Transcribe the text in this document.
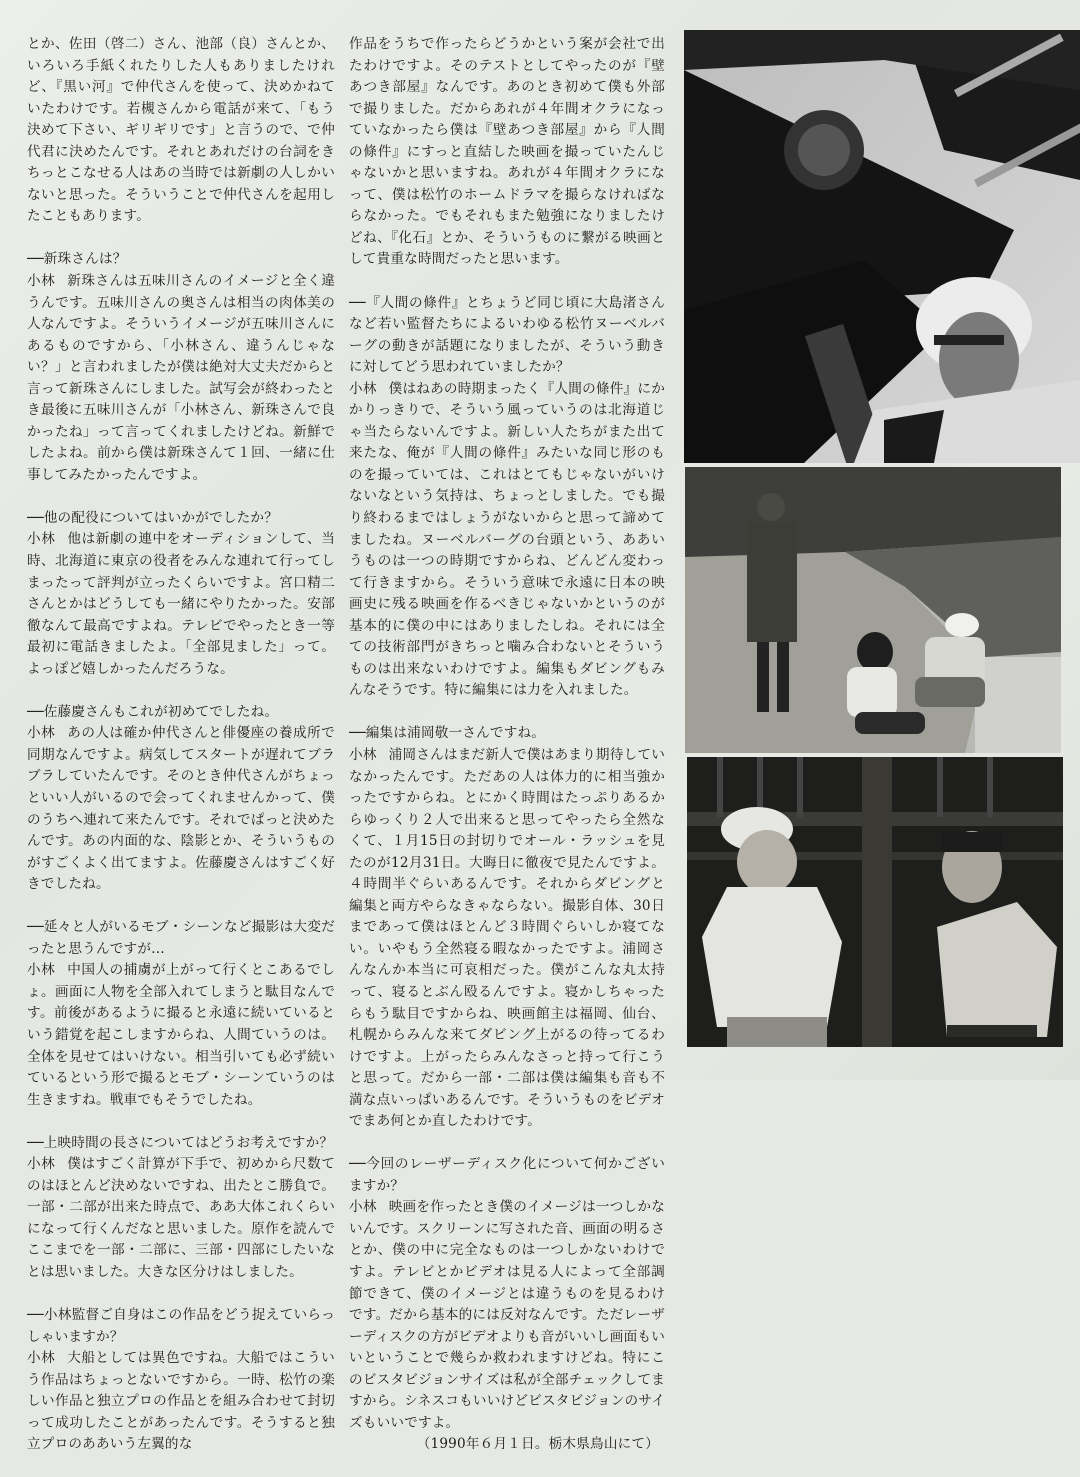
とか、佐田（啓二）さん、池部（良）さんとか、いろいろ手紙くれたりした人もありましたけれど、『黒い河』で仲代さんを使って、決めかねていたわけです。若槻さんから電話が来て、「もう決めて下さい、ギリギリです」と言うので、で仲代君に決めたんです。それとあれだけの台詞をきちっとこなせる人はあの当時では新劇の人しかいないと思った。そういうことで仲代さんを起用したこともあります。
──新珠さんは？
小林 新珠さんは五味川さんのイメージと全く違うんです。五味川さんの奥さんは相当の肉体美の人なんですよ。そういうイメージが五味川さんにあるものですから、「小林さん、違うんじゃない？」と言われましたが僕は絶対大丈夫だからと言って新珠さんにしました。試写会が終わったとき最後に五味川さんが「小林さん、新珠さんで良かったね」って言ってくれましたけどね。新鮮でしたよね。前から僕は新珠さんて１回、一緒に仕事してみたかったんですよ。
──他の配役についてはいかがでしたか？
小林 他は新劇の連中をオーディションして、当時、北海道に東京の役者をみんな連れて行ってしまったって評判が立ったくらいですよ。宮口精二さんとかはどうしても一緒にやりたかった。安部徹なんて最高ですよね。テレビでやったとき一等最初に電話きましたよ。「全部見ました」って。よっぽど嬉しかったんだろうな。
──佐藤慶さんもこれが初めてでしたね。
小林 あの人は確か仲代さんと俳優座の養成所で同期なんですよ。病気してスタートが遅れてブラブラしていたんです。そのとき仲代さんがちょっといい人がいるので会ってくれませんかって、僕のうちへ連れて来たんです。それでぱっと決めたんです。あの内面的な、陰影とか、そういうものがすごくよく出てますよ。佐藤慶さんはすごく好きでしたね。
──延々と人がいるモブ・シーンなど撮影は大変だったと思うんですが…
小林 中国人の捕虜が上がって行くとこあるでしょ。画面に人物を全部入れてしまうと駄目なんです。前後があるように撮ると永遠に続いているという錯覚を起こしますからね、人間ていうのは。全体を見せてはいけない。相当引いても必ず続いているという形で撮るとモブ・シーンていうのは生きますね。戦車でもそうでしたね。
──上映時間の長さについてはどうお考えですか？
小林 僕はすごく計算が下手で、初めから尺数てのはほとんど決めないですね、出たとこ勝負で。一部・二部が出来た時点で、ああ大体これくらいになって行くんだなと思いました。原作を読んでここまでを一部・二部に、三部・四部にしたいなとは思いました。大きな区分けはしました。
──小林監督ご自身はこの作品をどう捉えていらっしゃいますか？
小林 大船としては異色ですね。大船ではこういう作品はちょっとないですから。一時、松竹の楽しい作品と独立プロの作品とを組み合わせて封切って成功したことがあったんです。そうすると独立プロのああいう左翼的な
作品をうちで作ったらどうかという案が会社で出たわけですよ。そのテストとしてやったのが『壁あつき部屋』なんです。あのとき初めて僕も外部で撮りました。だからあれが４年間オクラになっていなかったら僕は『壁あつき部屋』から『人間の條件』にすっと直結した映画を撮っていたんじゃないかと思いますね。あれが４年間オクラになって、僕は松竹のホームドラマを撮らなければならなかった。でもそれもまた勉強になりましたけどね、『化石』とか、そういうものに繋がる映画として貴重な時間だったと思います。
──『人間の條件』とちょうど同じ頃に大島渚さんなど若い監督たちによるいわゆる松竹ヌーベルバーグの動きが話題になりましたが、そういう動きに対してどう思われていましたか？
小林 僕はねあの時期まったく『人間の條件』にかかりっきりで、そういう風っていうのは北海道じゃ当たらないんですよ。新しい人たちがまた出て来たな、俺が『人間の條件』みたいな同じ形のものを撮っていては、これはとてもじゃないがいけないなという気持は、ちょっとしました。でも撮り終わるまではしょうがないからと思って諦めてましたね。ヌーベルバーグの台頭という、ああいうものは一つの時期ですからね、どんどん変わって行きますから。そういう意味で永遠に日本の映画史に残る映画を作るべきじゃないかというのが基本的に僕の中にはありましたしね。それには全ての技術部門がきちっと噛み合わないとそういうものは出来ないわけですよ。編集もダビングもみんなそうです。特に編集には力を入れました。
──編集は浦岡敬一さんですね。
小林 浦岡さんはまだ新人で僕はあまり期待していなかったんです。ただあの人は体力的に相当強かったですからね。とにかく時間はたっぷりあるからゆっくり２人で出来ると思ってやったら全然なくて、１月15日の封切りでオール・ラッシュを見たのが12月31日。大晦日に徹夜で見たんですよ。４時間半ぐらいあるんです。それからダビングと編集と両方やらなきゃならない。撮影自体、30日まであって僕はほとんど３時間ぐらいしか寝てない。いやもう全然寝る暇なかったですよ。浦岡さんなんか本当に可哀相だった。僕がこんな丸太持って、寝るとぶん殴るんですよ。寝かしちゃったらもう駄目ですからね、映画館主は福岡、仙台、札幌からみんな来てダビング上がるの待ってるわけですよ。上がったらみんなさっと持って行こうと思って。だから一部・二部は僕は編集も音も不満な点いっぱいあるんです。そういうものをビデオでまあ何とか直したわけです。
──今回のレーザーディスク化について何かございますか？
小林 映画を作ったとき僕のイメージは一つしかないんです。スクリーンに写された音、画面の明るさとか、僕の中に完全なものは一つしかないわけですよ。テレビとかビデオは見る人によって全部調節できて、僕のイメージとは違うものを見るわけです。だから基本的には反対なんです。ただレーザーディスクの方がビデオよりも音がいいし画面もいいということで幾らか救われますけどね。特にこのビスタビジョンサイズは私が全部チェックしてますから。シネスコもいいけどビスタビジョンのサイズもいいですよ。
（1990年６月１日。栃木県鳥山にて）
